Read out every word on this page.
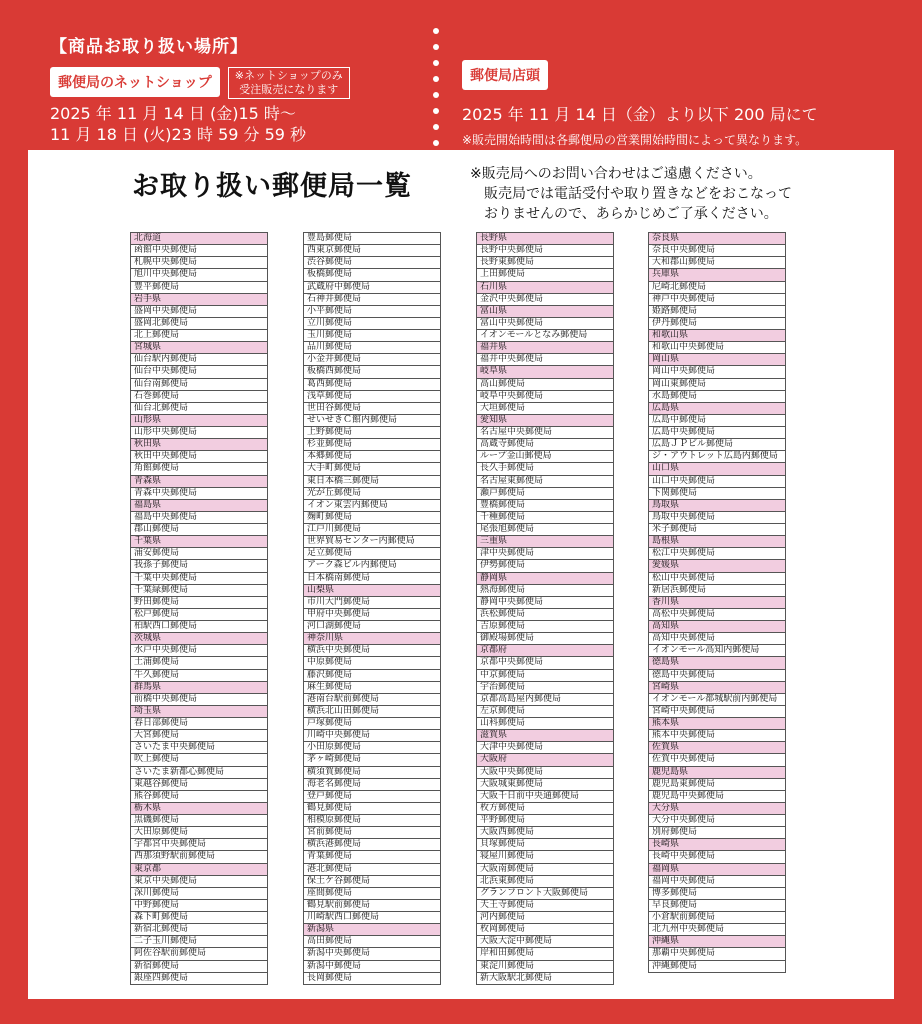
【商品お取り扱い場所】
郵便局のネットショップ	※ネットショップのみ
受注販売になります
2025 年 11 月 14 日 (金)15 時〜
11 月 18 日 (火)23 時 59 分 59 秒
郵便局店頭
2025 年 11 月 14 日（金）より以下 200 局にて
※販売開始時間は各郵便局の営業開始時間によって異なります。
お取り扱い郵便局一覧	※販売局へのお問い合わせはご遠慮ください。
販売局では電話受付や取り置きなどをおこなって
おりませんので、あらかじめご了承ください。
北海道
函館中央郵便局
札幌中央郵便局
旭川中央郵便局
豊平郵便局
岩手県
盛岡中央郵便局
盛岡北郵便局
北上郵便局
宮城県
仙台駅内郵便局
仙台中央郵便局
仙台南郵便局
石巻郵便局
仙台北郵便局
山形県
山形中央郵便局
秋田県
秋田中央郵便局
角館郵便局
青森県
青森中央郵便局
福島県
福島中央郵便局
郡山郵便局
千葉県
浦安郵便局
我孫子郵便局
千葉中央郵便局
千葉緑郵便局
野田郵便局
松戸郵便局
柏駅西口郵便局
茨城県
水戸中央郵便局
土浦郵便局
牛久郵便局
群馬県
前橋中央郵便局
埼玉県
春日部郵便局
大宮郵便局
さいたま中央郵便局
吹上郵便局
さいたま新都心郵便局
東越谷郵便局
熊谷郵便局
栃木県
黒磯郵便局
大田原郵便局
宇都宮中央郵便局
西那須野駅前郵便局
東京都
東京中央郵便局
深川郵便局
中野郵便局
森下町郵便局
新宿北郵便局
二子玉川郵便局
阿佐谷駅前郵便局
新宿郵便局
銀座四郵便局
豊島郵便局
西東京郵便局
渋谷郵便局
板橋郵便局
武蔵府中郵便局
石神井郵便局
小平郵便局
立川郵便局
玉川郵便局
品川郵便局
小金井郵便局
板橋西郵便局
葛西郵便局
浅草郵便局
世田谷郵便局
せいせきＣ館内郵便局
上野郵便局
杉並郵便局
本郷郵便局
大手町郵便局
東日本橋三郵便局
光が丘郵便局
イオン東雲内郵便局
麹町郵便局
江戸川郵便局
世界貿易センター内郵便局
足立郵便局
アーク森ビル内郵便局
日本橋南郵便局
山梨県
市川大門郵便局
甲府中央郵便局
河口湖郵便局
神奈川県
横浜中央郵便局
中原郵便局
藤沢郵便局
麻生郵便局
港南台駅前郵便局
横浜北山田郵便局
戸塚郵便局
川崎中央郵便局
小田原郵便局
茅ヶ崎郵便局
横須賀郵便局
海老名郵便局
登戸郵便局
鶴見郵便局
相模原郵便局
宮前郵便局
横浜港郵便局
青葉郵便局
港北郵便局
保土ケ谷郵便局
座間郵便局
鶴見駅前郵便局
川崎駅西口郵便局
新潟県
高田郵便局
新潟中央郵便局
新潟中郵便局
長岡郵便局
長野県
長野中央郵便局
長野東郵便局
上田郵便局
石川県
金沢中央郵便局
富山県
富山中央郵便局
イオンモールとなみ郵便局
福井県
福井中央郵便局
岐阜県
高山郵便局
岐阜中央郵便局
大垣郵便局
愛知県
名古屋中央郵便局
高蔵寺郵便局
ループ金山郵便局
長久手郵便局
名古屋東郵便局
瀬戸郵便局
豊橋郵便局
千種郵便局
尾張旭郵便局
三重県
津中央郵便局
伊勢郵便局
静岡県
熱海郵便局
静岡中央郵便局
浜松郵便局
吉原郵便局
御殿場郵便局
京都府
京都中央郵便局
中京郵便局
宇治郵便局
京都高島屋内郵便局
左京郵便局
山科郵便局
滋賀県
大津中央郵便局
大阪府
大阪中央郵便局
大阪城東郵便局
大阪千日前中央通郵便局
枚方郵便局
平野郵便局
大阪西郵便局
貝塚郵便局
寝屋川郵便局
大阪南郵便局
北浜東郵便局
グランフロント大阪郵便局
天王寺郵便局
河内郵便局
枚岡郵便局
大阪大淀中郵便局
岸和田郵便局
東淀川郵便局
新大阪駅北郵便局
奈良県
奈良中央郵便局
大和郡山郵便局
兵庫県
尼崎北郵便局
神戸中央郵便局
姫路郵便局
伊丹郵便局
和歌山県
和歌山中央郵便局
岡山県
岡山中央郵便局
岡山東郵便局
水島郵便局
広島県
広島中郵便局
広島中央郵便局
広島ＪＰビル郵便局
ジ・アウトレット広島内郵便局
山口県
山口中央郵便局
下関郵便局
鳥取県
鳥取中央郵便局
米子郵便局
島根県
松江中央郵便局
愛媛県
松山中央郵便局
新居浜郵便局
香川県
高松中央郵便局
高知県
高知中央郵便局
イオンモール高知内郵便局
徳島県
徳島中央郵便局
宮崎県
イオンモール都城駅前内郵便局
宮崎中央郵便局
熊本県
熊本中央郵便局
佐賀県
佐賀中央郵便局
鹿児島県
鹿児島東郵便局
鹿児島中央郵便局
大分県
大分中央郵便局
別府郵便局
長崎県
長崎中央郵便局
福岡県
福岡中央郵便局
博多郵便局
早良郵便局
小倉駅前郵便局
北九州中央郵便局
沖縄県
那覇中央郵便局
沖縄郵便局
